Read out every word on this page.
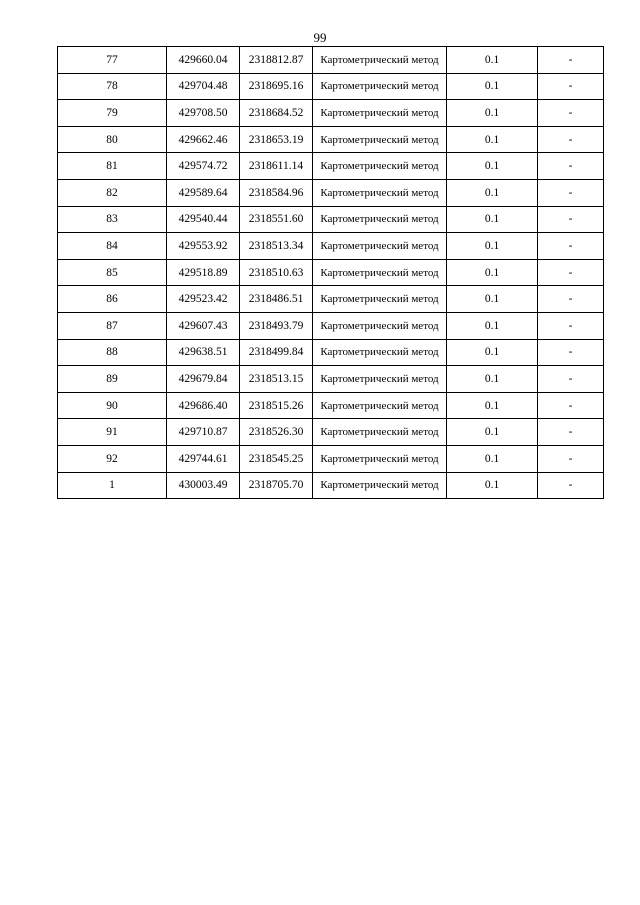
99
77	429660.04	2318812.87	Картометрический метод	0.1	-
78	429704.48	2318695.16	Картометрический метод	0.1	-
79	429708.50	2318684.52	Картометрический метод	0.1	-
80	429662.46	2318653.19	Картометрический метод	0.1	-
81	429574.72	2318611.14	Картометрический метод	0.1	-
82	429589.64	2318584.96	Картометрический метод	0.1	-
83	429540.44	2318551.60	Картометрический метод	0.1	-
84	429553.92	2318513.34	Картометрический метод	0.1	-
85	429518.89	2318510.63	Картометрический метод	0.1	-
86	429523.42	2318486.51	Картометрический метод	0.1	-
87	429607.43	2318493.79	Картометрический метод	0.1	-
88	429638.51	2318499.84	Картометрический метод	0.1	-
89	429679.84	2318513.15	Картометрический метод	0.1	-
90	429686.40	2318515.26	Картометрический метод	0.1	-
91	429710.87	2318526.30	Картометрический метод	0.1	-
92	429744.61	2318545.25	Картометрический метод	0.1	-
1	430003.49	2318705.70	Картометрический метод	0.1	-
